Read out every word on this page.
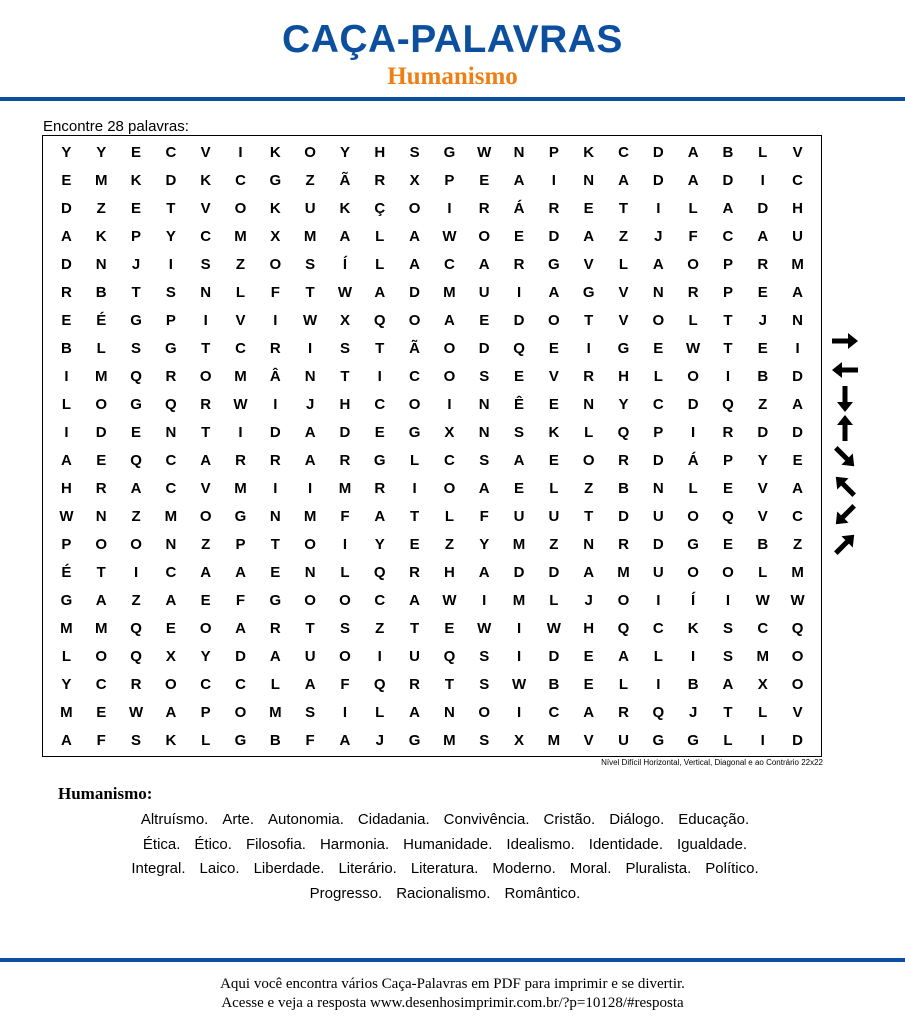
CAÇA-PALAVRAS
Humanismo
Encontre 28 palavras:
Y	Y	E	C	V	I	K	O	Y	H	S	G	W	N	P	K	C	D	A	B	L	V
E	M	K	D	K	C	G	Z	Ã	R	X	P	E	A	I	N	A	D	A	D	I	C
D	Z	E	T	V	O	K	U	K	Ç	O	I	R	Á	R	E	T	I	L	A	D	H
A	K	P	Y	C	M	X	M	A	L	A	W	O	E	D	A	Z	J	F	C	A	U
D	N	J	I	S	Z	O	S	Í	L	A	C	A	R	G	V	L	A	O	P	R	M
R	B	T	S	N	L	F	T	W	A	D	M	U	I	A	G	V	N	R	P	E	A
E	É	G	P	I	V	I	W	X	Q	O	A	E	D	O	T	V	O	L	T	J	N
B	L	S	G	T	C	R	I	S	T	Ã	O	D	Q	E	I	G	E	W	T	E	I
I	M	Q	R	O	M	Â	N	T	I	C	O	S	E	V	R	H	L	O	I	B	D
L	O	G	Q	R	W	I	J	H	C	O	I	N	Ê	E	N	Y	C	D	Q	Z	A
I	D	E	N	T	I	D	A	D	E	G	X	N	S	K	L	Q	P	I	R	D	D
A	E	Q	C	A	R	R	A	R	G	L	C	S	A	E	O	R	D	Á	P	Y	E
H	R	A	C	V	M	I	I	M	R	I	O	A	E	L	Z	B	N	L	E	V	A
W	N	Z	M	O	G	N	M	F	A	T	L	F	U	U	T	D	U	O	Q	V	C
P	O	O	N	Z	P	T	O	I	Y	E	Z	Y	M	Z	N	R	D	G	E	B	Z
É	T	I	C	A	A	E	N	L	Q	R	H	A	D	D	A	M	U	O	O	L	M
G	A	Z	A	E	F	G	O	O	C	A	W	I	M	L	J	O	I	Í	I	W	W
M	M	Q	E	O	A	R	T	S	Z	T	E	W	I	W	H	Q	C	K	S	C	Q
L	O	Q	X	Y	D	A	U	O	I	U	Q	S	I	D	E	A	L	I	S	M	O
Y	C	R	O	C	C	L	A	F	Q	R	T	S	W	B	E	L	I	B	A	X	O
M	E	W	A	P	O	M	S	I	L	A	N	O	I	C	A	R	Q	J	T	L	V
A	F	S	K	L	G	B	F	A	J	G	M	S	X	M	V	U	G	G	L	I	D
Nível Difícil Horizontal, Vertical, Diagonal e ao Contrário 22x22
Humanismo:
Altruísmo. Arte. Autonomia. Cidadania. Convivência. Cristão. Diálogo. Educação.
Ética. Ético. Filosofia. Harmonia. Humanidade. Idealismo. Identidade. Igualdade.
Integral. Laico. Liberdade. Literário. Literatura. Moderno. Moral. Pluralista. Político.
Progresso. Racionalismo. Romântico.
Aqui você encontra vários Caça-Palavras em PDF para imprimir e se divertir.
Acesse e veja a resposta www.desenhosimprimir.com.br/?p=10128/#resposta
